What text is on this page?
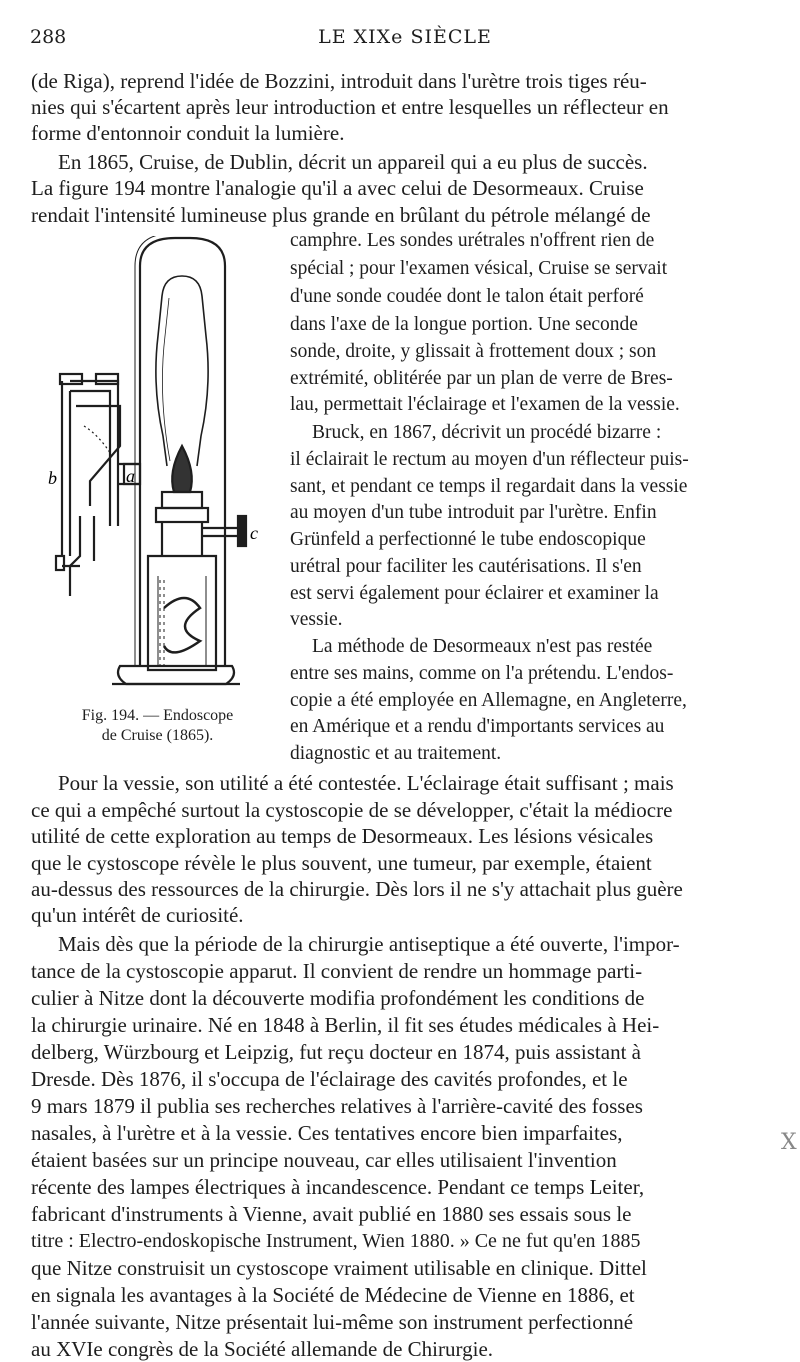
288	LE XIXe SIÈCLE
(de Riga), reprend l'idée de Bozzini, introduit dans l'urètre trois tiges réu-
nies qui s'écartent après leur introduction et entre lesquelles un réflecteur en
forme d'entonnoir conduit la lumière.
En 1865, Cruise, de Dublin, décrit un appareil qui a eu plus de succès.
La figure 194 montre l'analogie qu'il a avec celui de Desormeaux. Cruise
rendait l'intensité lumineuse plus grande en brûlant du pétrole mélangé de
camphre. Les sondes urétrales n'offrent rien de
spécial ; pour l'examen vésical, Cruise se servait
d'une sonde coudée dont le talon était perforé
dans l'axe de la longue portion. Une seconde
sonde, droite, y glissait à frottement doux ; son
extrémité, oblitérée par un plan de verre de Bres-
lau, permettait l'éclairage et l'examen de la vessie.
Bruck, en 1867, décrivit un procédé bizarre :
il éclairait le rectum au moyen d'un réflecteur puis-
sant, et pendant ce temps il regardait dans la vessie
au moyen d'un tube introduit par l'urètre. Enfin
Grünfeld a perfectionné le tube endoscopique
urétral pour faciliter les cautérisations. Il s'en
est servi également pour éclairer et examiner la
vessie.
La méthode de Desormeaux n'est pas restée
entre ses mains, comme on l'a prétendu. L'endos-
copie a été employée en Allemagne, en Angleterre,
en Amérique et a rendu d'importants services au
diagnostic et au traitement.
Pour la vessie, son utilité a été contestée. L'éclairage était suffisant ; mais
ce qui a empêché surtout la cystoscopie de se développer, c'était la médiocre
utilité de cette exploration au temps de Desormeaux. Les lésions vésicales
que le cystoscope révèle le plus souvent, une tumeur, par exemple, étaient
au-dessus des ressources de la chirurgie. Dès lors il ne s'y attachait plus guère
qu'un intérêt de curiosité.
Mais dès que la période de la chirurgie antiseptique a été ouverte, l'impor-
tance de la cystoscopie apparut. Il convient de rendre un hommage parti-
culier à Nitze dont la découverte modifia profondément les conditions de
la chirurgie urinaire. Né en 1848 à Berlin, il fit ses études médicales à Hei-
delberg, Würzbourg et Leipzig, fut reçu docteur en 1874, puis assistant à
Dresde. Dès 1876, il s'occupa de l'éclairage des cavités profondes, et le
9 mars 1879 il publia ses recherches relatives à l'arrière-cavité des fosses
nasales, à l'urètre et à la vessie. Ces tentatives encore bien imparfaites,
étaient basées sur un principe nouveau, car elles utilisaient l'invention
récente des lampes électriques à incandescence. Pendant ce temps Leiter,
fabricant d'instruments à Vienne, avait publié en 1880 ses essais sous le
titre : Electro-endoskopische Instrument, Wien 1880. » Ce ne fut qu'en 1885
que Nitze construisit un cystoscope vraiment utilisable en clinique. Dittel
en signala les avantages à la Société de Médecine de Vienne en 1886, et
l'année suivante, Nitze présentait lui-même son instrument perfectionné
au XVIe congrès de la Société allemande de Chirurgie.
b	a
c
Fig. 194. — Endoscope
de Cruise (1865).
X
